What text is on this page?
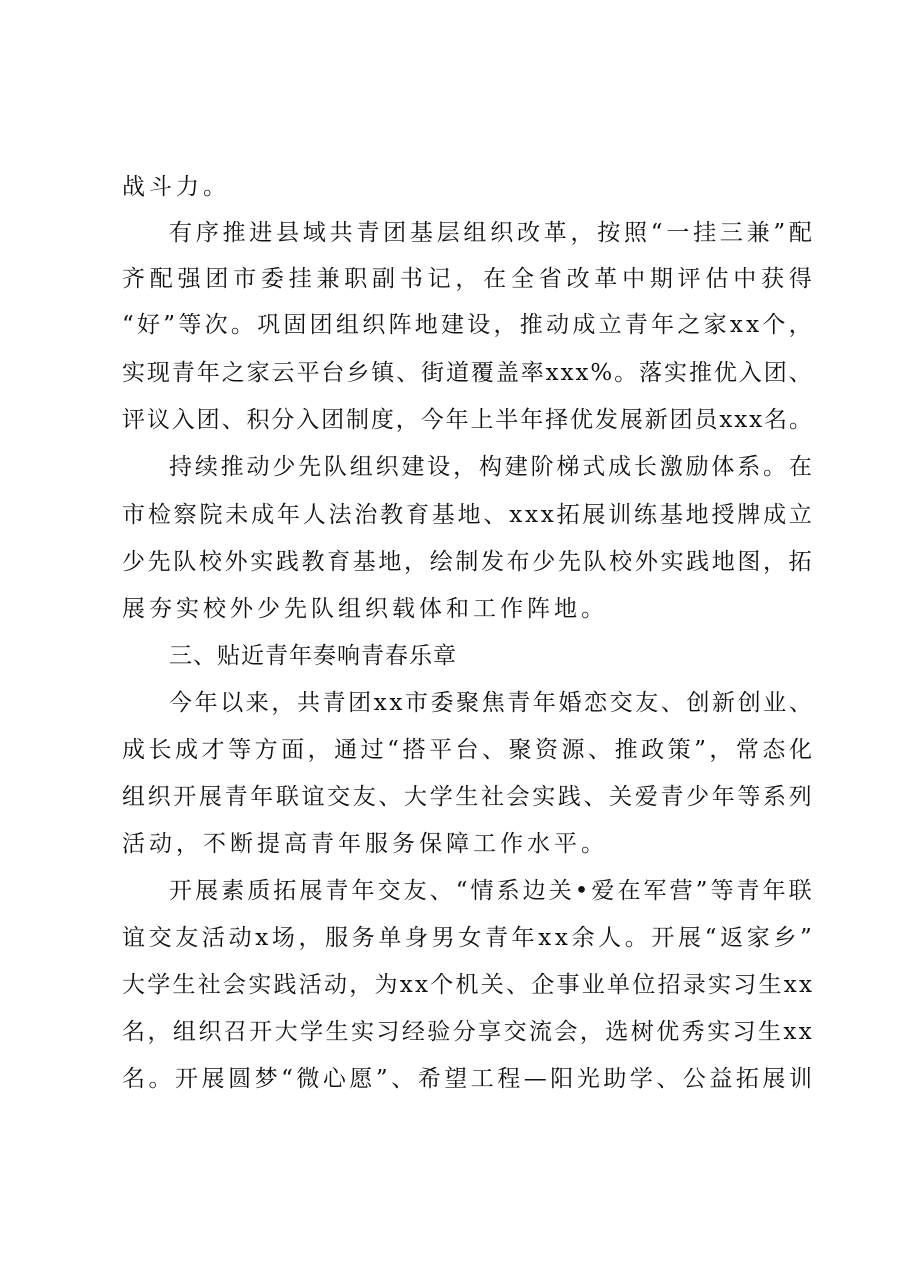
战斗力。
有 序 推 进 县 域 共 青 团 基 层 组 织 改 革 ， 按 照 “ 一 挂 三 兼 ” 配
齐 配 强 团 市 委 挂 兼 职 副 书 记 ， 在 全 省 改 革 中 期 评 估 中 获 得
“ 好 ” 等 次 。 巩 固 团 组 织 阵 地 建 设 ， 推 动 成 立 青 年 之 家 x x 个 ，
实 现 青 年 之 家 云 平 台 乡 镇 、 街 道 覆 盖 率 x x x % 。 落 实 推 优 入 团 、
评 议 入 团 、 积 分 入 团 制 度 ， 今 年 上 半 年 择 优 发 展 新 团 员 x x x 名 。
持 续 推 动 少 先 队 组 织 建 设 ， 构 建 阶 梯 式 成 长 激 励 体 系 。 在
市 检 察 院 未 成 年 人 法 治 教 育 基 地 、 x x x 拓 展 训 练 基 地 授 牌 成 立
少 先 队 校 外 实 践 教 育 基 地 ， 绘 制 发 布 少 先 队 校 外 实 践 地 图 ， 拓
展夯实校外少先队组织载体和工作阵地。
三、贴近青年奏响青春乐章
今 年 以 来 ， 共 青 团 x x 市 委 聚 焦 青 年 婚 恋 交 友 、 创 新 创 业 、
成 长 成 才 等 方 面 ， 通 过 “ 搭 平 台 、 聚 资 源 、 推 政 策 ” ， 常 态 化
组 织 开 展 青 年 联 谊 交 友 、 大 学 生 社 会 实 践 、 关 爱 青 少 年 等 系 列
活动，不断提高青年服务保障工作水平。
开 展 素 质 拓 展 青 年 交 友 、 “ 情 系 边 关 • 爱 在 军 营 ” 等 青 年 联
谊 交 友 活 动 x 场 ， 服 务 单 身 男 女 青 年 x x 余 人 。 开 展 “ 返 家 乡 ”
大 学 生 社 会 实 践 活 动 ， 为 x x 个 机 关 、 企 事 业 单 位 招 录 实 习 生 x x
名 ， 组 织 召 开 大 学 生 实 习 经 验 分 享 交 流 会 ， 选 树 优 秀 实 习 生 x x
名 。 开 展 圆 梦 “ 微 心 愿 ” 、 希 望 工 程 — 阳 光 助 学 、 公 益 拓 展 训
